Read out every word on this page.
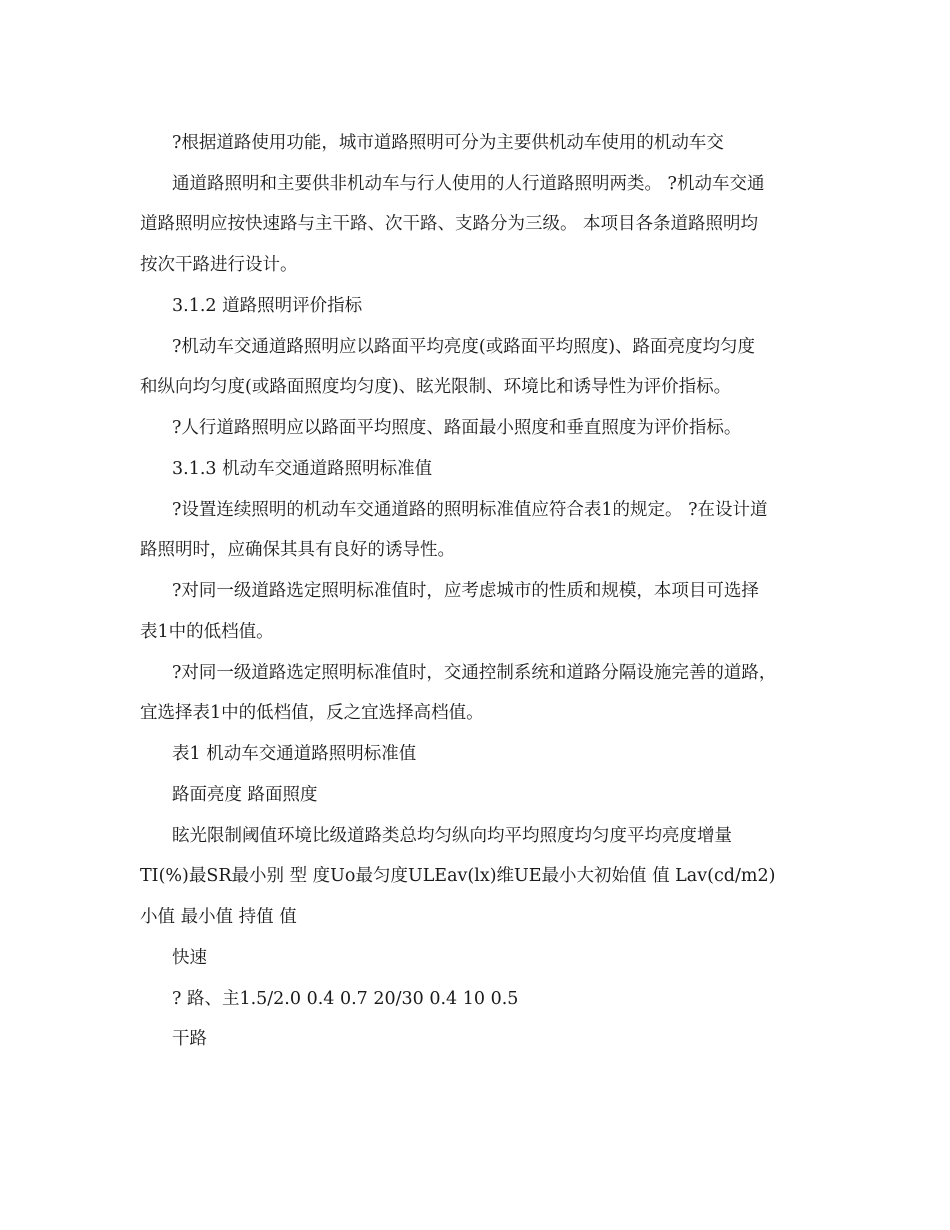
?根据道路使用功能，城市道路照明可分为主要供机动车使用的机动车交
通道路照明和主要供非机动车与行人使用的人行道路照明两类。 ?机动车交通
道路照明应按快速路与主干路、次干路、支路分为三级。 本项目各条道路照明均
按次干路进行设计。
3.1.2 道路照明评价指标
?机动车交通道路照明应以路面平均亮度(或路面平均照度)、路面亮度均匀度
和纵向均匀度(或路面照度均匀度)、眩光限制、环境比和诱导性为评价指标。
?人行道路照明应以路面平均照度、路面最小照度和垂直照度为评价指标。
3.1.3 机动车交通道路照明标准值
?设置连续照明的机动车交通道路的照明标准值应符合表1的规定。 ?在设计道
路照明时，应确保其具有良好的诱导性。
?对同一级道路选定照明标准值时，应考虑城市的性质和规模，本项目可选择
表1中的低档值。
?对同一级道路选定照明标准值时，交通控制系统和道路分隔设施完善的道路，
宜选择表1中的低档值，反之宜选择高档值。
表1 机动车交通道路照明标准值
路面亮度 路面照度
眩光限制阈值环境比级道路类总均匀纵向均平均照度均匀度平均亮度增量
TI(%)最SR最小别 型 度Uo最匀度ULEav(lx)维UE最小大初始值 值 Lav(cd/m2)
小值 最小值 持值 值
快速
? 路、主1.5/2.0 0.4 0.7 20/30 0.4 10 0.5
干路
